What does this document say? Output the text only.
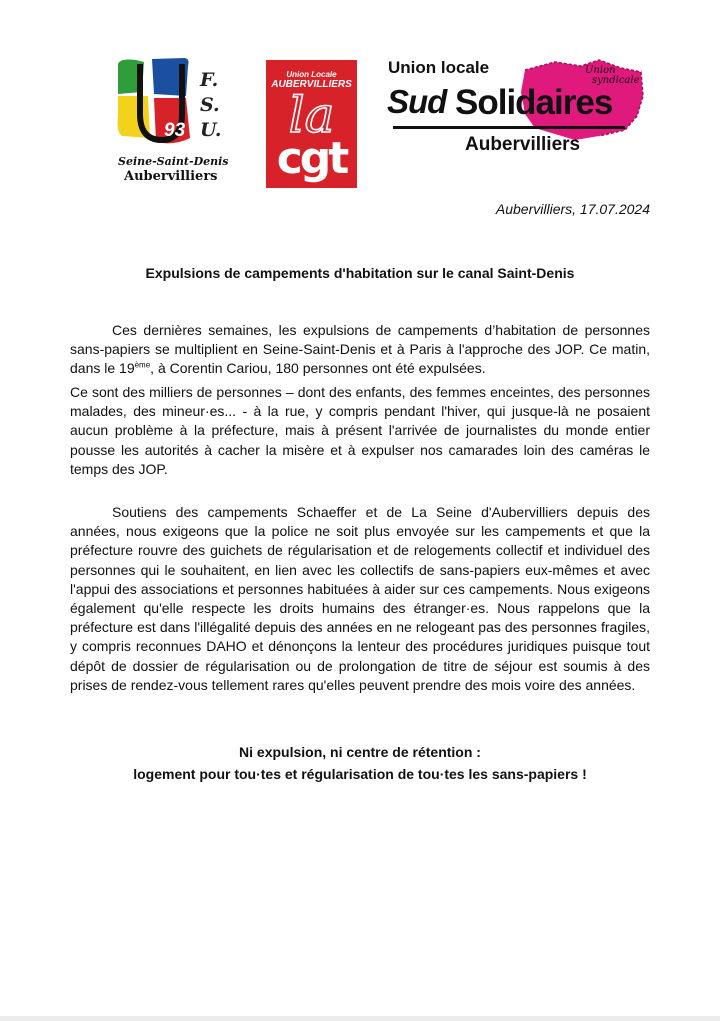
93
F.
S.
U.
Seine-Saint-Denis
Aubervilliers
Union Locale
AUBERVILLIERS
la
cgt
Union locale	Union
syndicale
Sud Solidaires
Aubervilliers
Aubervilliers, 17.07.2024
Expulsions de campements d'habitation sur le canal Saint-Denis

Ces dernières semaines, les expulsions de campements d’habitation de personnes sans-papiers se multiplient en Seine-Saint-Denis et à Paris à l'approche des JOP. Ce matin, dans le 19ème, à Corentin Cariou, 180 personnes ont été expulsées.

Ce sont des milliers de personnes – dont des enfants, des femmes enceintes, des personnes malades, des mineur·es... - à la rue, y compris pendant l'hiver, qui jusque-là ne posaient aucun problème à la préfecture, mais à présent l'arrivée de journalistes du monde entier pousse les autorités à cacher la misère et à expulser nos camarades loin des caméras le temps des JOP.

Soutiens des campements Schaeffer et de La Seine d'Aubervilliers depuis des années, nous exigeons que la police ne soit plus envoyée sur les campements et que la préfecture rouvre des guichets de régularisation et de relogements collectif et individuel des personnes qui le souhaitent, en lien avec les collectifs de sans-papiers eux-mêmes et avec l'appui des associations et personnes habituées à aider sur ces campements. Nous exigeons également qu'elle respecte les droits humains des étranger·es. Nous rappelons que la préfecture est dans l'illégalité depuis des années en ne relogeant pas des personnes fragiles, y compris reconnues DAHO et dénonçons la lenteur des procédures juridiques puisque tout dépôt de dossier de régularisation ou de prolongation de titre de séjour est soumis à des prises de rendez-vous tellement rares qu'elles peuvent prendre des mois voire des années.

Ni expulsion, ni centre de rétention :
logement pour tou·tes et régularisation de tou·tes les sans-papiers !
